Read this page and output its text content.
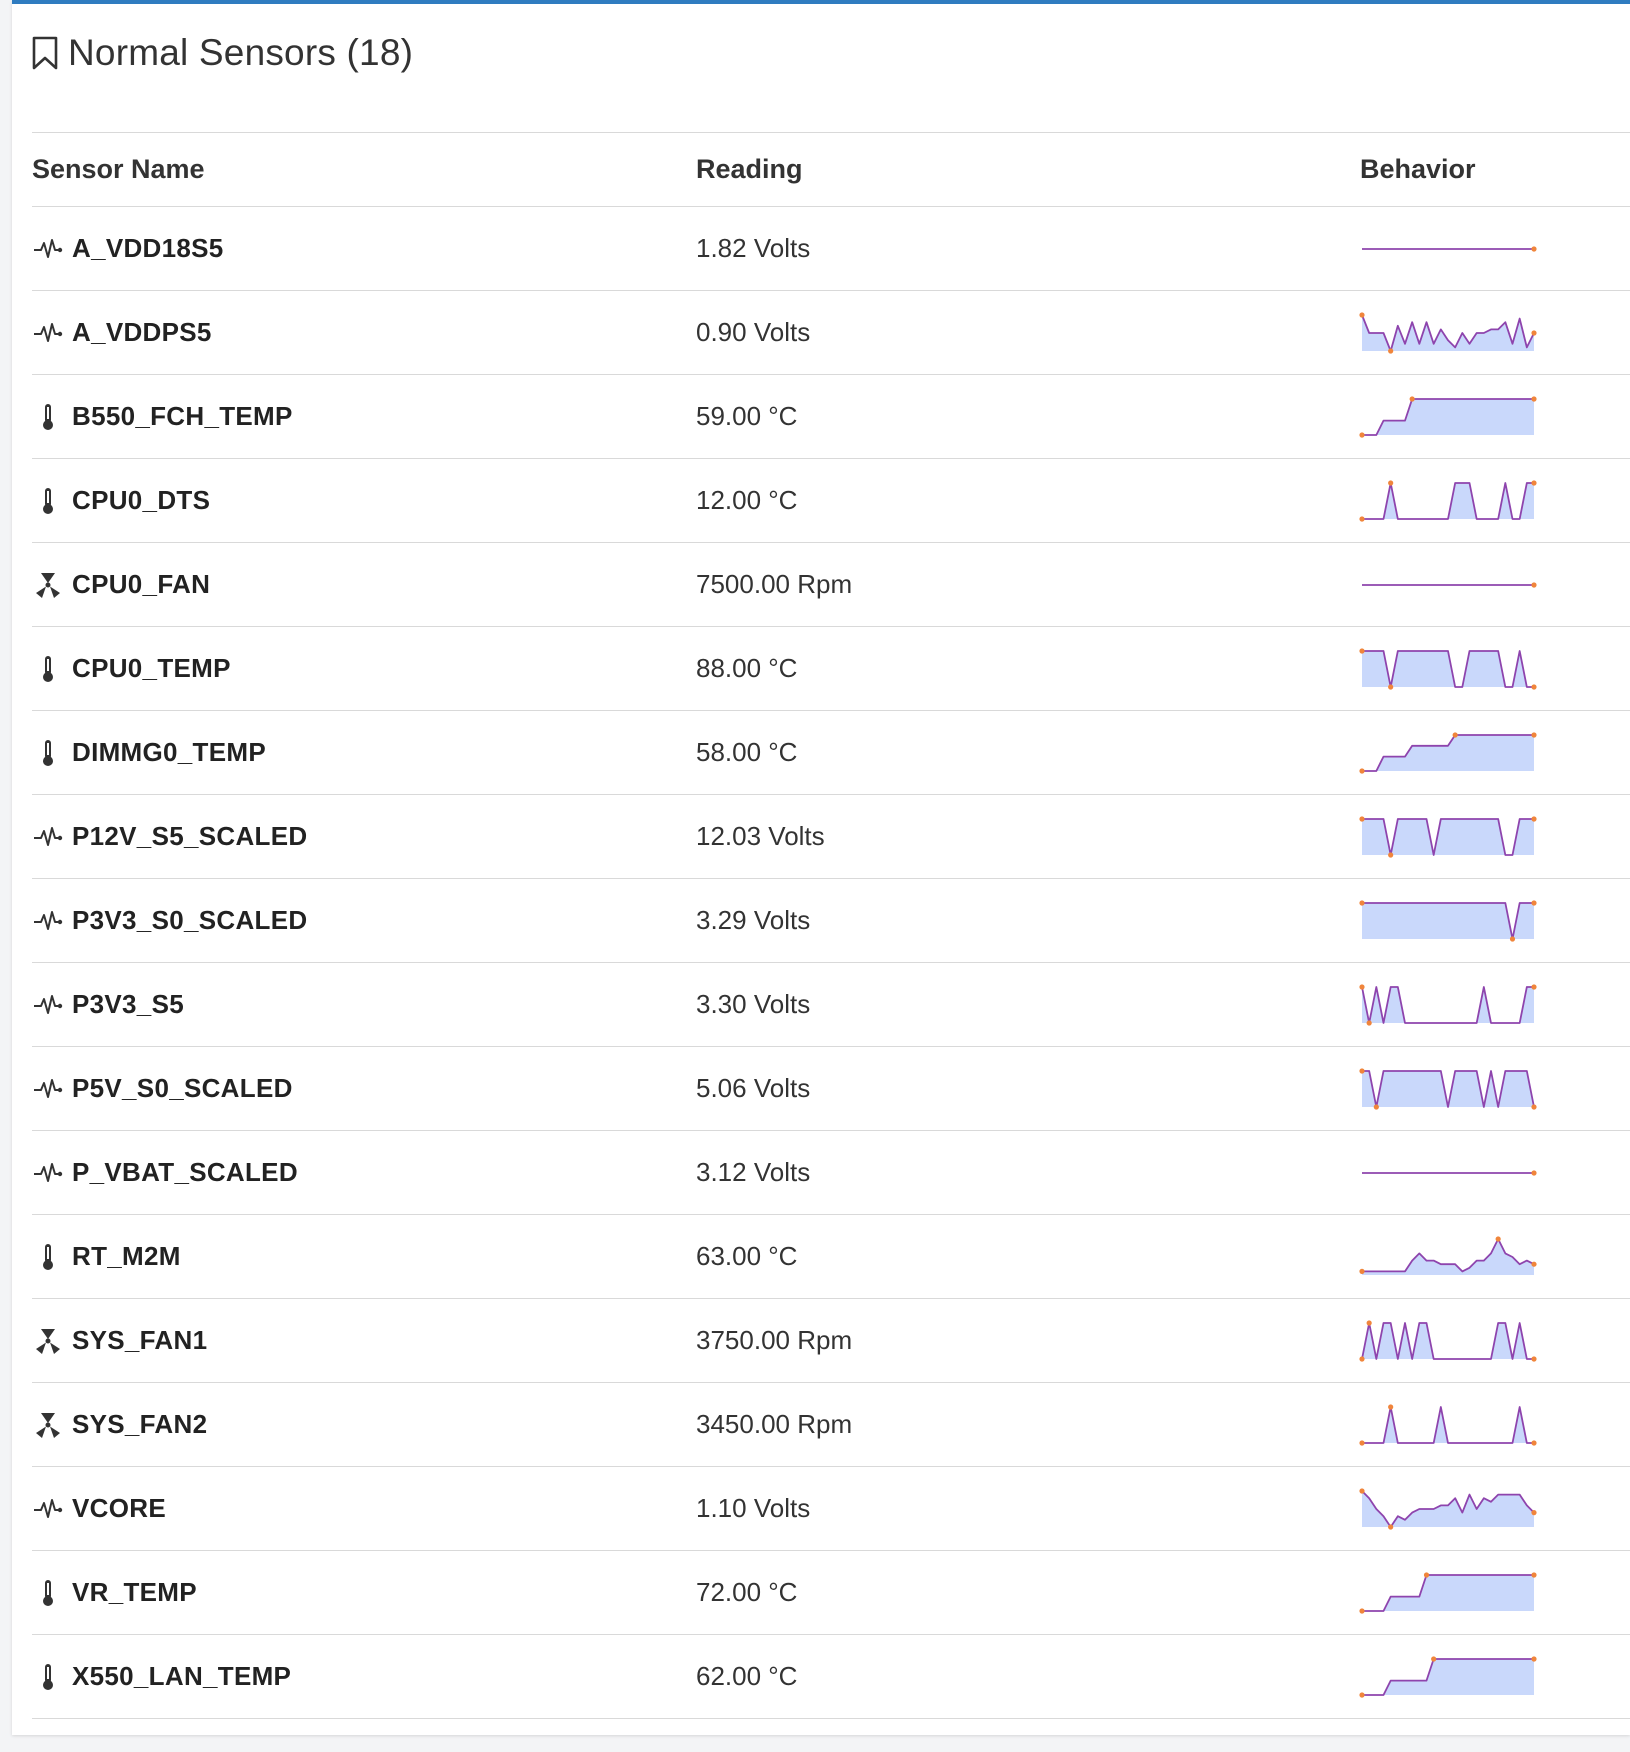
Normal Sensors (18)
Sensor Name	Reading	Behavior

A_VDD18S5	1.82 Volts	

A_VDDPS5	0.90 Volts	

B550_FCH_TEMP	59.00 °C	

CPU0_DTS	12.00 °C	

CPU0_FAN	7500.00 Rpm	

CPU0_TEMP	88.00 °C	

DIMMG0_TEMP	58.00 °C	

P12V_S5_SCALED	12.03 Volts	

P3V3_S0_SCALED	3.29 Volts	

P3V3_S5	3.30 Volts	

P5V_S0_SCALED	5.06 Volts	

P_VBAT_SCALED	3.12 Volts	

RT_M2M	63.00 °C	

SYS_FAN1	3750.00 Rpm	

SYS_FAN2	3450.00 Rpm	

VCORE	1.10 Volts	

VR_TEMP	72.00 °C	

X550_LAN_TEMP	62.00 °C	
